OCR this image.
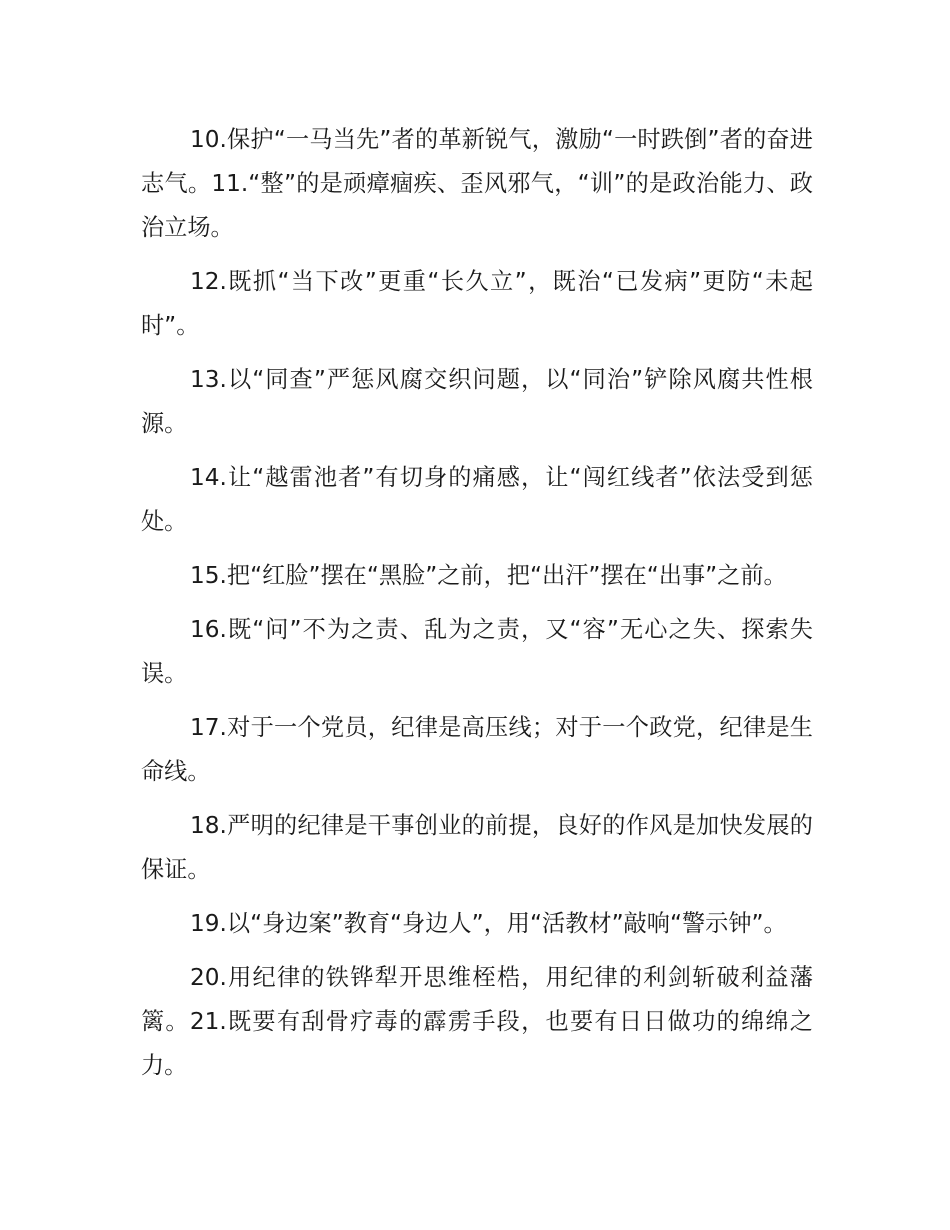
10.保护“一马当先”者的革新锐气，激励“一时跌倒”者的奋进志气。11.“整”的是顽瘴痼疾、歪风邪气，“训”的是政治能力、政治立场。

12.既抓“当下改”更重“长久立”，既治“已发病”更防“未起时”。

13.以“同查”严惩风腐交织问题，以“同治”铲除风腐共性根源。

14.让“越雷池者”有切身的痛感，让“闯红线者”依法受到惩处。

15.把“红脸”摆在“黑脸”之前，把“出汗”摆在“出事”之前。

16.既“问”不为之责、乱为之责，又“容”无心之失、探索失误。

17.对于一个党员，纪律是高压线；对于一个政党，纪律是生命线。

18.严明的纪律是干事创业的前提，良好的作风是加快发展的保证。

19.以“身边案”教育“身边人”，用“活教材”敲响“警示钟”。

20.用纪律的铁铧犁开思维桎梏，用纪律的利剑斩破利益藩篱。21.既要有刮骨疗毒的霹雳手段，也要有日日做功的绵绵之力。
